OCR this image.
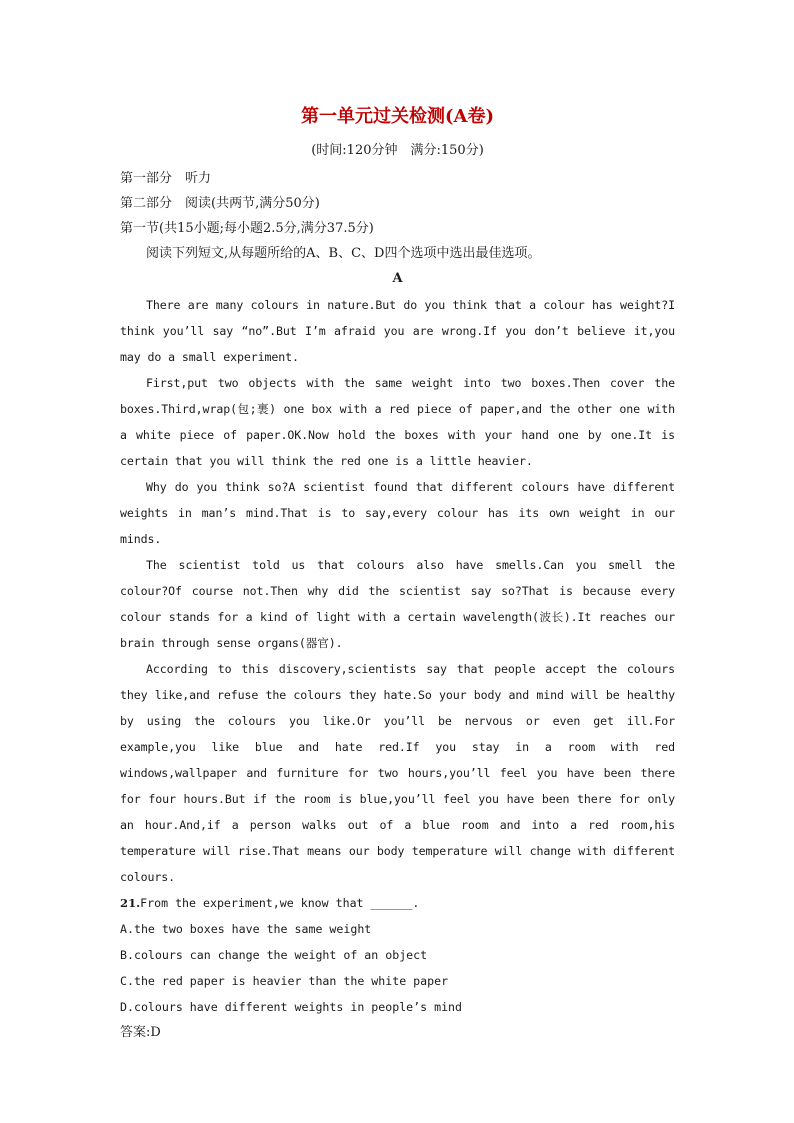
第一单元过关检测(A卷)

(时间:120分钟　满分:150分)

第一部分　听力

第二部分　阅读(共两节,满分50分)

第一节(共15小题;每小题2.5分,满分37.5分)

阅读下列短文,从每题所给的A、B、C、D四个选项中选出最佳选项。

A

There are many colours in nature.But do you think that a colour has weight?I think you’ll say “no”.But I’m afraid you are wrong.If you don’t believe it,you may do a small experiment.

First,put two objects with the same weight into two boxes.Then cover the boxes.Third,wrap(包;裹) one box with a red piece of paper,and the other one with a white piece of paper.OK.Now hold the boxes with your hand one by one.It is certain that you will think the red one is a little heavier.

Why do you think so?A scientist found that different colours have different weights in man’s mind.That is to say,every colour has its own weight in our minds.

The scientist told us that colours also have smells.Can you smell the colour?Of course not.Then why did the scientist say so?That is because every colour stands for a kind of light with a certain wavelength(波长).It reaches our brain through sense organs(器官).

According to this discovery,scientists say that people accept the colours they like,and refuse the colours they hate.So your body and mind will be healthy by using the colours you like.Or you’ll be nervous or even get ill.For example,you like blue and hate red.If you stay in a room with red windows,wallpaper and furniture for two hours,you’ll feel you have been there for four hours.But if the room is blue,you’ll feel you have been there for only an hour.And,if a person walks out of a blue room and into a red room,his temperature will rise.That means our body temperature will change with different colours.

21.From the experiment,we know that ______.

A.the two boxes have the same weight

B.colours can change the weight of an object

C.the red paper is heavier than the white paper

D.colours have different weights in people’s mind

答案:D
